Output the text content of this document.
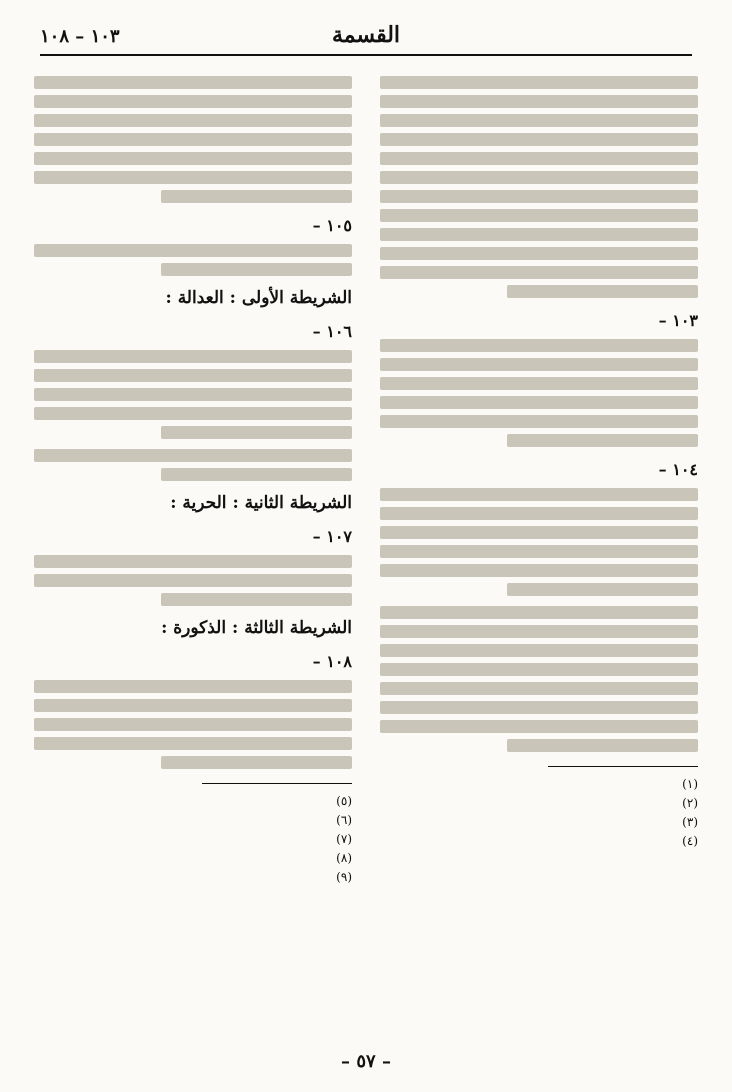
١٠٣ – ١٠٨	القسمة
١٠٣ –
١٠٤ –

(١)

(٢)

(٣)

(٤)

١٠٥ –
الشريطة الأولى : العدالة :
١٠٦ –
الشريطة الثانية : الحرية :
١٠٧ –
الشريطة الثالثة : الذكورة :
١٠٨ –

(٥)

(٦)

(٧)

(٨)

(٩)

– ٥٧ –
